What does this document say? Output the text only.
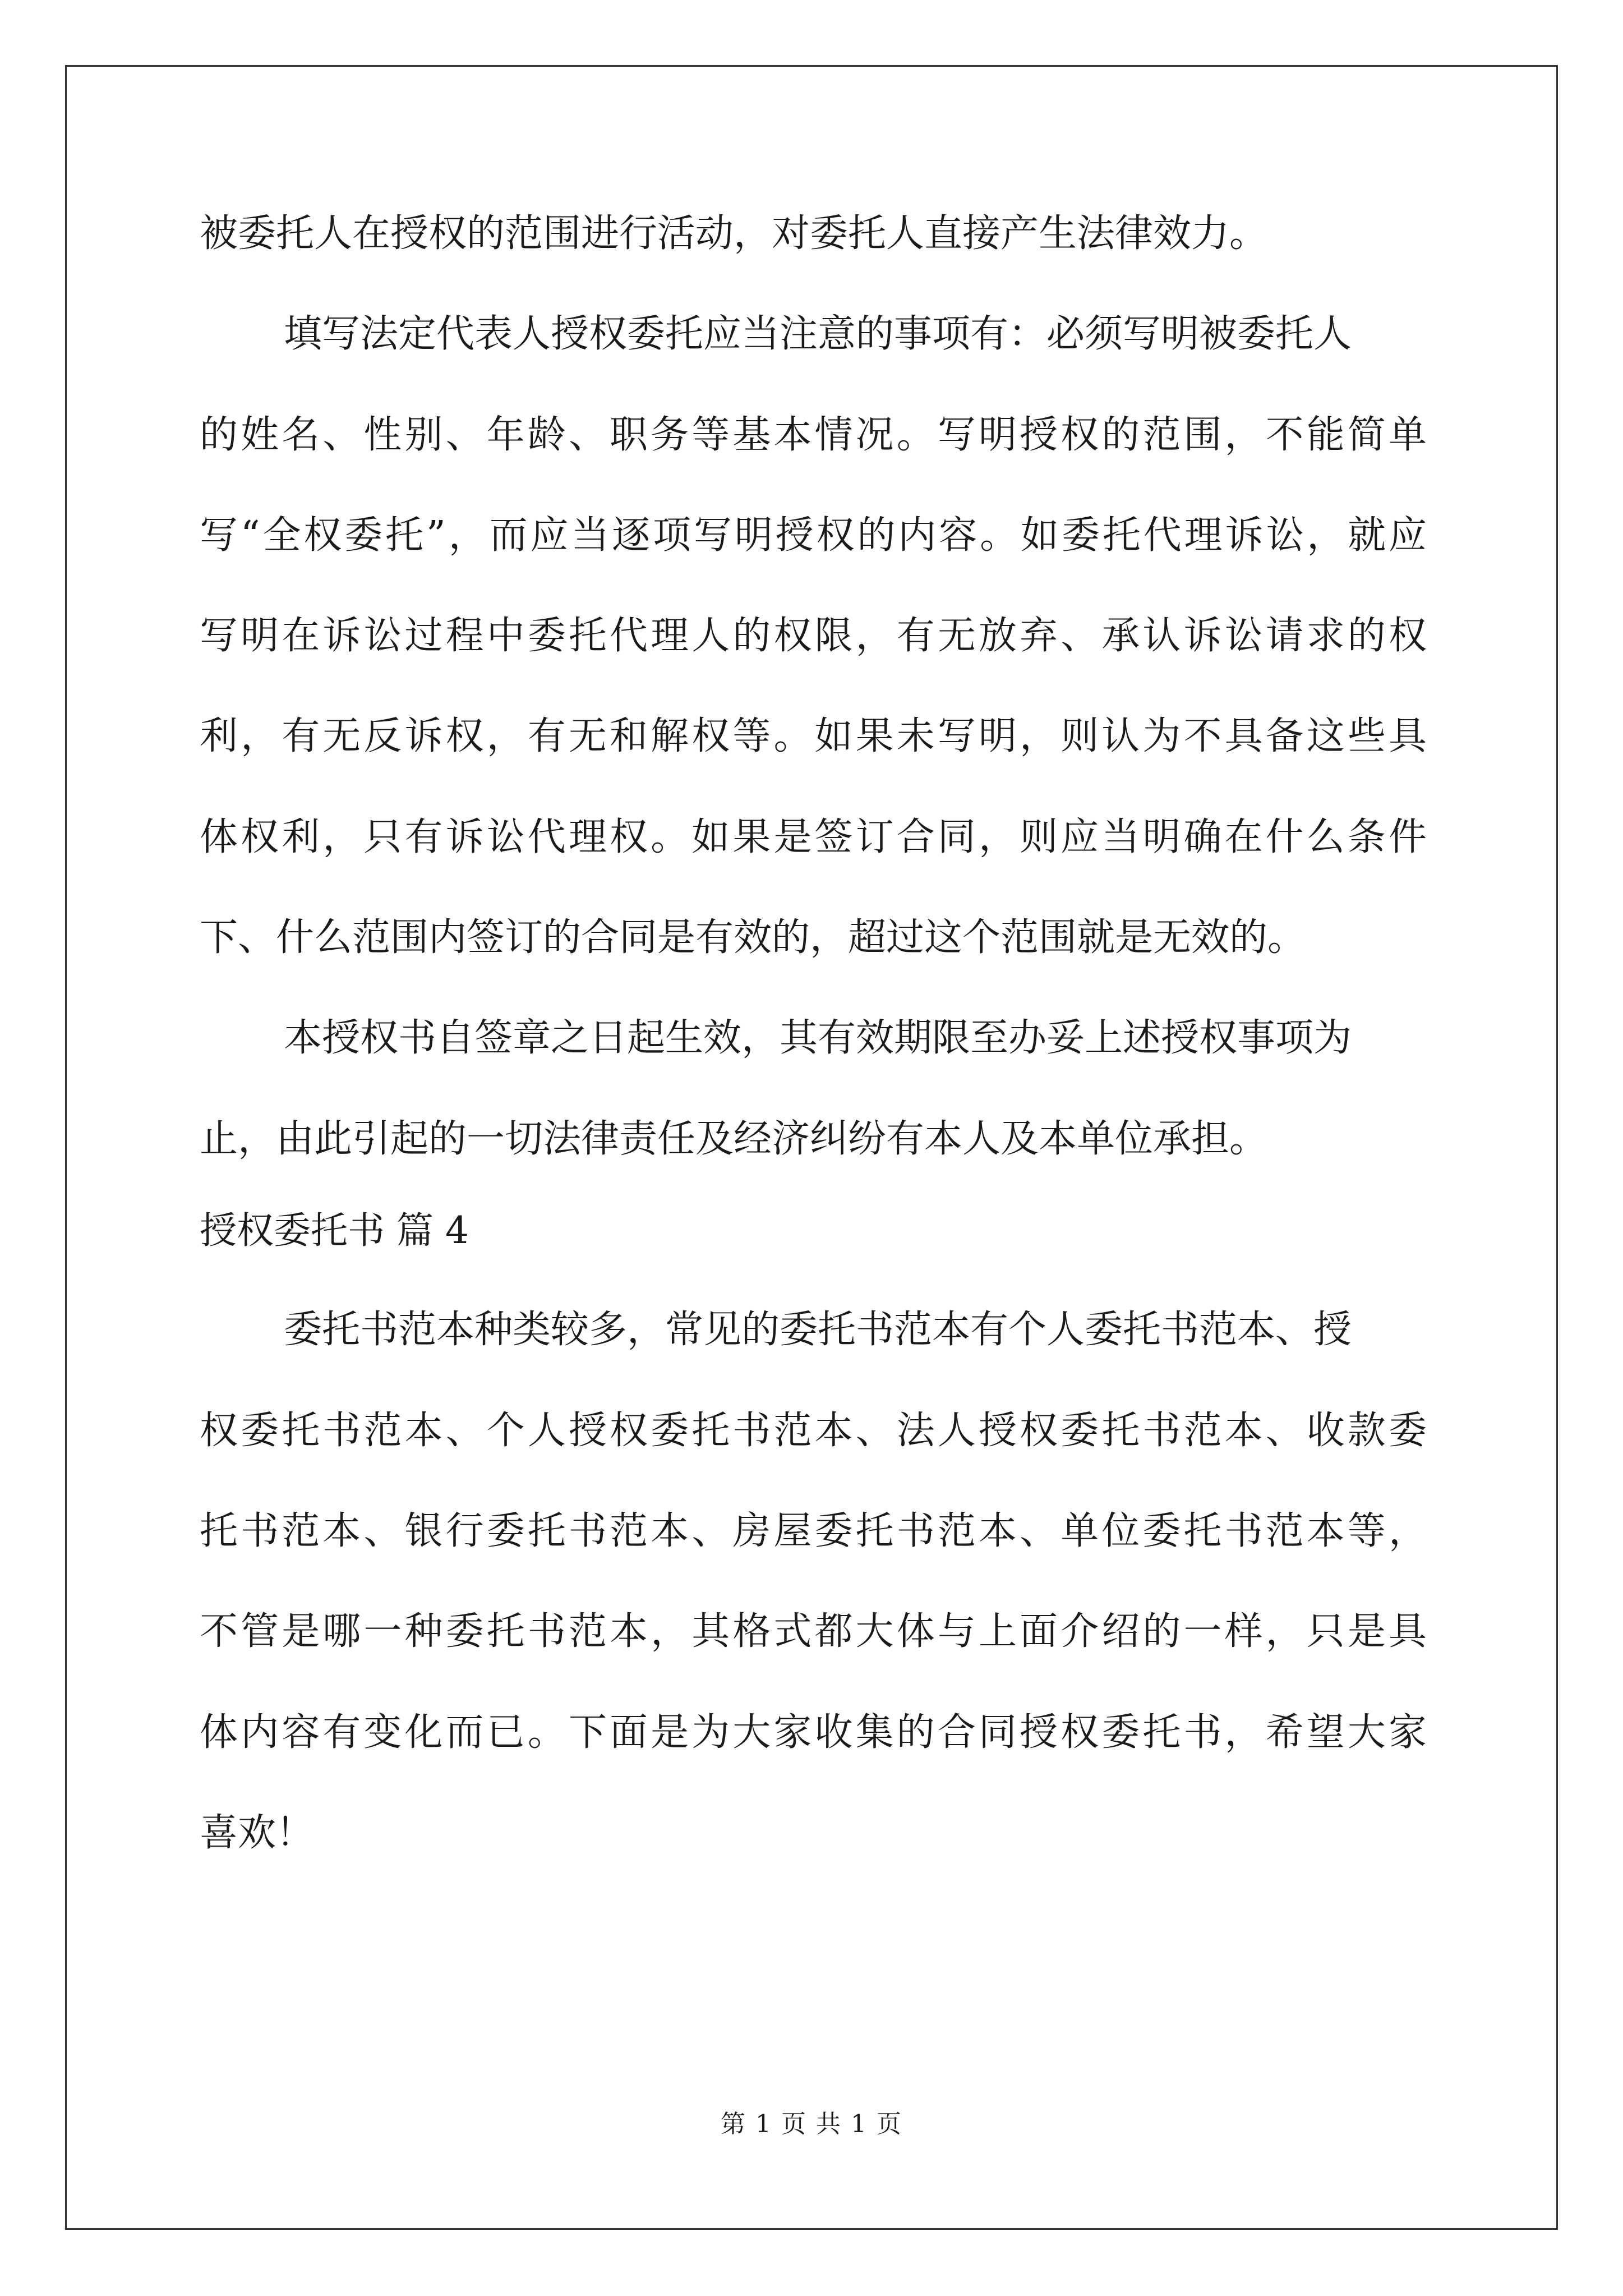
被委托人在授权的范围进行活动，对委托人直接产生法律效力。
填写法定代表人授权委托应当注意的事项有：必须写明被委托人
的姓名、性别、年龄、职务等基本情况。写明授权的范围，不能简单
写“全权委托”，而应当逐项写明授权的内容。如委托代理诉讼，就应
写明在诉讼过程中委托代理人的权限，有无放弃、承认诉讼请求的权
利，有无反诉权，有无和解权等。如果未写明，则认为不具备这些具
体权利，只有诉讼代理权。如果是签订合同，则应当明确在什么条件
下、什么范围内签订的合同是有效的，超过这个范围就是无效的。
本授权书自签章之日起生效，其有效期限至办妥上述授权事项为
止，由此引起的一切法律责任及经济纠纷有本人及本单位承担。
授权委托书 篇 4
委托书范本种类较多，常见的委托书范本有个人委托书范本、授
权委托书范本、个人授权委托书范本、法人授权委托书范本、收款委
托书范本、银行委托书范本、房屋委托书范本、单位委托书范本等，
不管是哪一种委托书范本，其格式都大体与上面介绍的一样，只是具
体内容有变化而已。下面是为大家收集的合同授权委托书，希望大家
喜欢！
第 1 页 共 1 页
